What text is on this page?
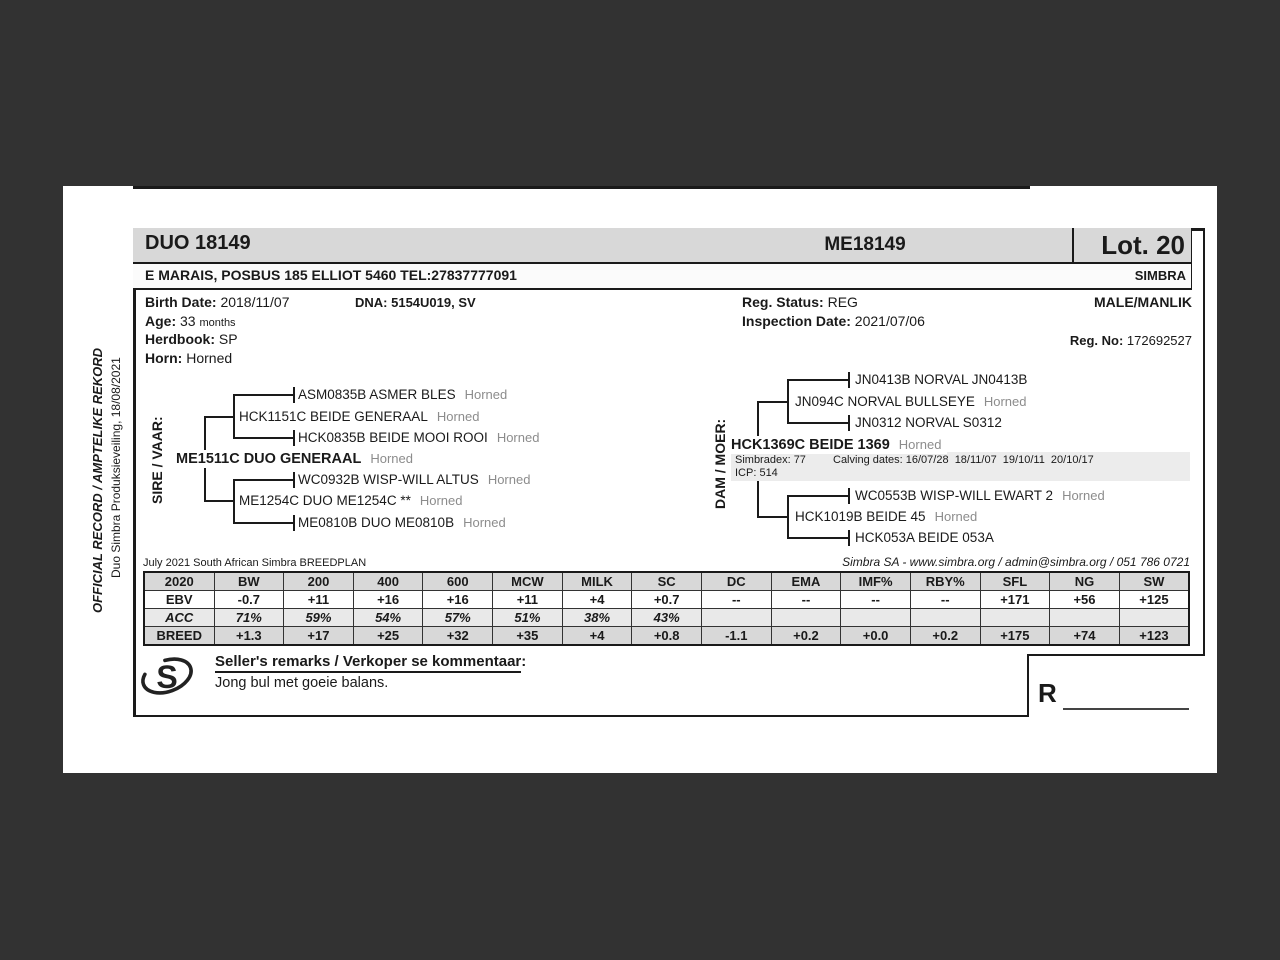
OFFICIAL RECORD / AMPTELIKE REKORD Duo Simbra Produksieveiling, 18/08/2021
DUO 18149	ME18149	Lot. 20
E MARAIS, POSBUS 185 ELLIOT 5460 TEL:27837777091	SIMBRA
Birth Date: 2018/11/07	DNA: 5154U019, SV	Reg. Status: REG	MALE/MANLIK
Age: 33 months	Inspection Date: 2021/07/06
Herdbook: SP	Reg. No: 172692527
Horn: Horned
SIRE / VAAR:
ASM0835B ASMER BLES Horned
HCK1151C BEIDE GENERAAL Horned
HCK0835B BEIDE MOOI ROOI Horned
ME1511C DUO GENERAAL Horned
WC0932B WISP-WILL ALTUS Horned
ME1254C DUO ME1254C ** Horned
ME0810B DUO ME0810B Horned
DAM / MOER:
JN0413B NORVAL JN0413B
JN094C NORVAL BULLSEYE Horned
JN0312 NORVAL S0312
HCK1369C BEIDE 1369 Horned
Simbradex: 77 Calving dates: 16/07/28  18/11/07  19/10/11  20/10/17
ICP: 514
WC0553B WISP-WILL EWART 2 Horned
HCK1019B BEIDE 45 Horned
HCK053A BEIDE 053A
July 2021 South African Simbra BREEDPLAN	Simbra SA - www.simbra.org / admin@simbra.org / 051 786 0721
2020	BW	200	400	600	MCW	MILK	SC	DC	EMA	IMF%	RBY%	SFL	NG	SW
EBV	-0.7	+11	+16	+16	+11	+4	+0.7	--	--	--	--	+171	+56	+125
ACC	71%	59%	54%	57%	51%	38%	43%							
BREED	+1.3	+17	+25	+32	+35	+4	+0.8	-1.1	+0.2	+0.0	+0.2	+175	+74	+123
S Seller's remarks / Verkoper se kommentaar:
Jong bul met goeie balans.	R
